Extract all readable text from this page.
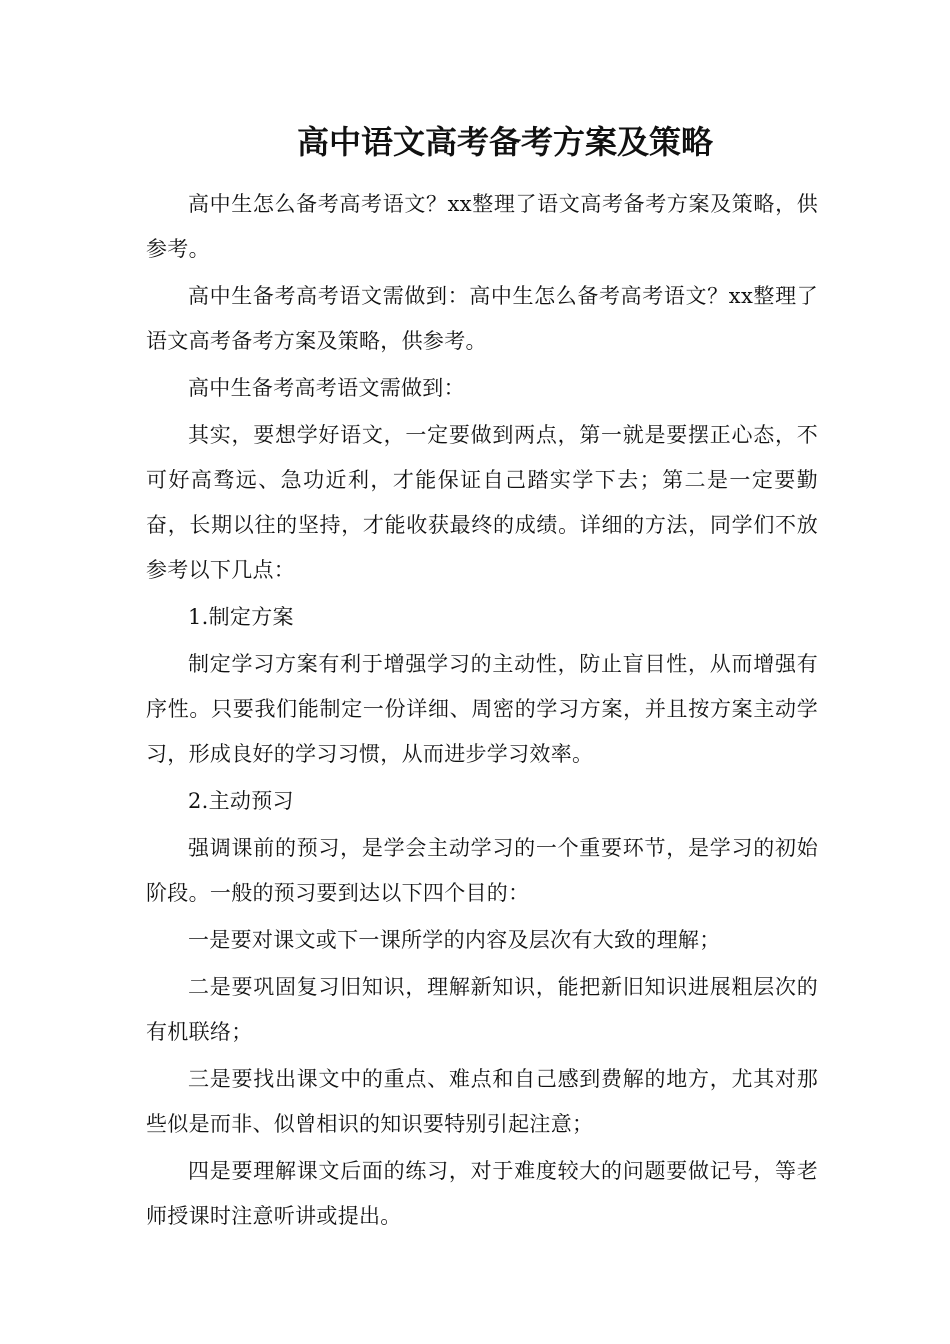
高中语文高考备考方案及策略

高中生怎么备考高考语文？xx整理了语文高考备考方案及策略，供参考。

高中生备考高考语文需做到：高中生怎么备考高考语文？xx整理了语文高考备考方案及策略，供参考。

高中生备考高考语文需做到：

其实，要想学好语文，一定要做到两点，第一就是要摆正心态，不可好高骛远、急功近利，才能保证自己踏实学下去；第二是一定要勤奋，长期以往的坚持，才能收获最终的成绩。详细的方法，同学们不放参考以下几点：

1.制定方案

制定学习方案有利于增强学习的主动性，防止盲目性，从而增强有序性。只要我们能制定一份详细、周密的学习方案，并且按方案主动学习，形成良好的学习习惯，从而进步学习效率。

2.主动预习

强调课前的预习，是学会主动学习的一个重要环节，是学习的初始阶段。一般的预习要到达以下四个目的：

一是要对课文或下一课所学的内容及层次有大致的理解；

二是要巩固复习旧知识，理解新知识，能把新旧知识进展粗层次的有机联络；

三是要找出课文中的重点、难点和自己感到费解的地方，尤其对那些似是而非、似曾相识的知识要特别引起注意；

四是要理解课文后面的练习，对于难度较大的问题要做记号，等老师授课时注意听讲或提出。
